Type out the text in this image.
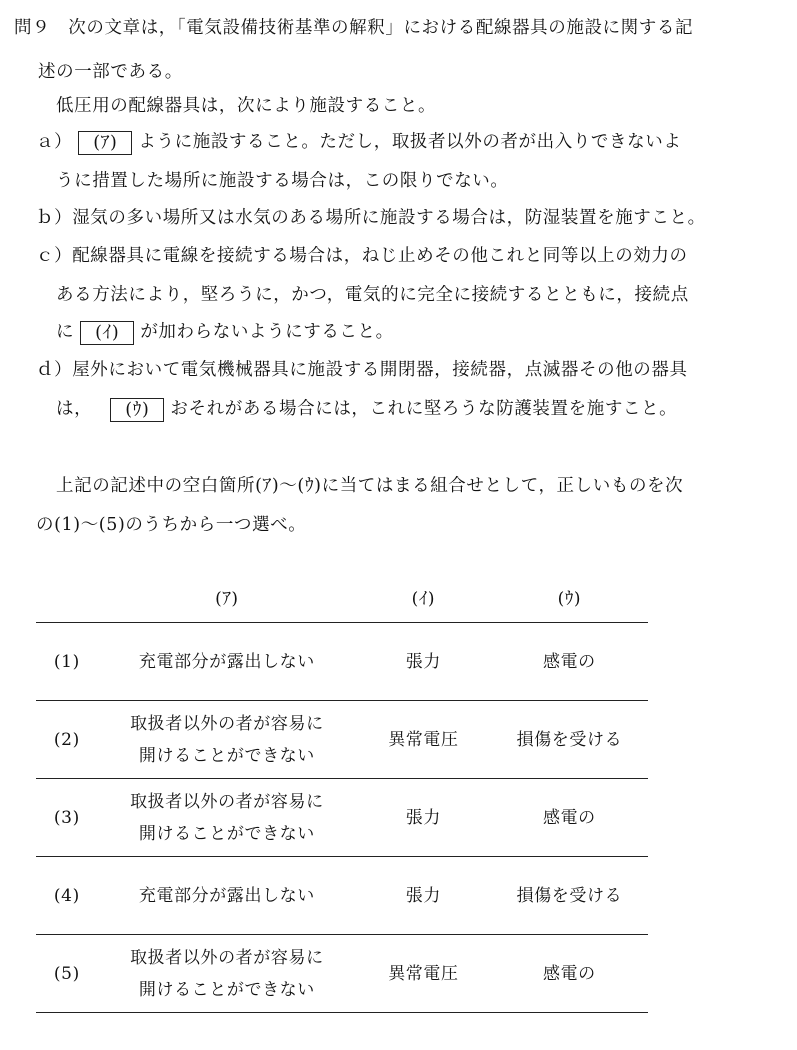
問９　次の文章は，「電気設備技術基準の解釈」における配線器具の施設に関する記
述の一部である。
低圧用の配線器具は，次により施設すること。
ａ） (ｱ) ように施設すること。ただし，取扱者以外の者が出入りできないよ
うに措置した場所に施設する場合は，この限りでない。
ｂ）湿気の多い場所又は水気のある場所に施設する場合は，防湿装置を施すこと。
ｃ）配線器具に電線を接続する場合は，ねじ止めその他これと同等以上の効力の
ある方法により，堅ろうに，かつ，電気的に完全に接続するとともに，接続点
に (ｲ) が加わらないようにすること。
ｄ）屋外において電気機械器具に施設する開閉器，接続器，点滅器その他の器具
は， (ｳ) おそれがある場合には，これに堅ろうな防護装置を施すこと。
上記の記述中の空白箇所(ｱ)～(ｳ)に当てはまる組合せとして，正しいものを次
の(1)～(5)のうちから一つ選べ。
	(ｱ)	(ｲ)	(ｳ)
(1)	充電部分が露出しない	張力	感電の
(2)	取扱者以外の者が容易に
開けることができない	異常電圧	損傷を受ける
(3)	取扱者以外の者が容易に
開けることができない	張力	感電の
(4)	充電部分が露出しない	張力	損傷を受ける
(5)	取扱者以外の者が容易に
開けることができない	異常電圧	感電の
